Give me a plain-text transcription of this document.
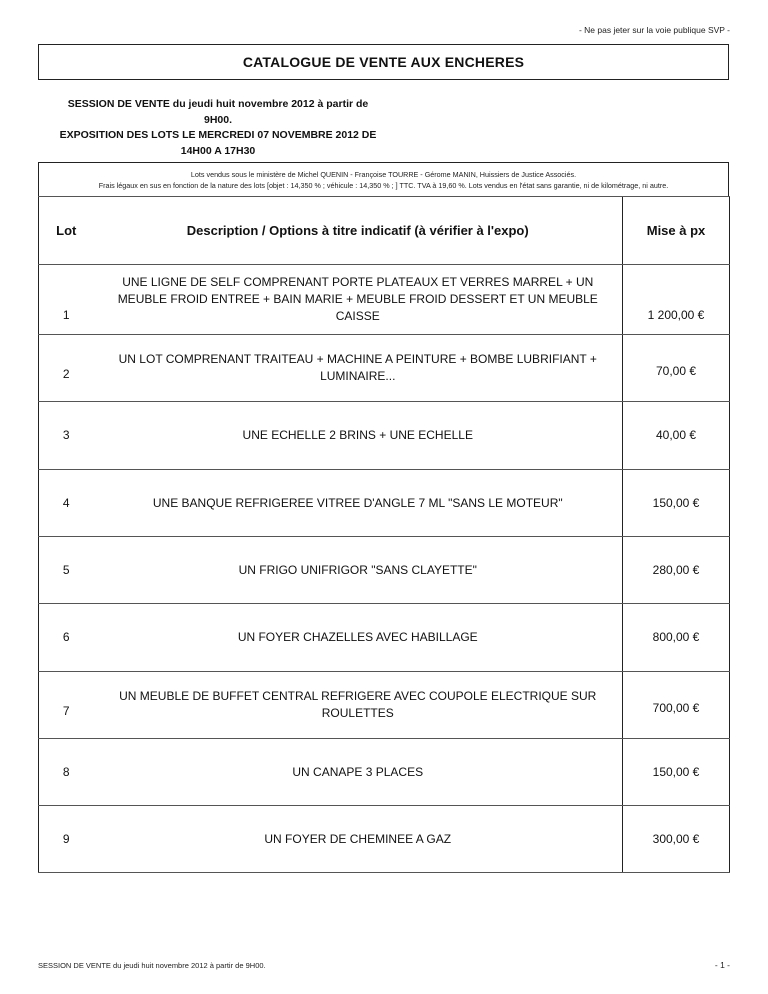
- Ne pas jeter sur la voie publique SVP -
CATALOGUE DE VENTE AUX ENCHERES
SESSION DE VENTE du jeudi huit novembre 2012 à partir de
9H00.
EXPOSITION DES LOTS LE MERCREDI 07 NOVEMBRE 2012 DE
14H00 A 17H30
Lots vendus sous le ministère de Michel QUENIN - Françoise TOURRE - Gérome MANIN, Huissiers de Justice Associés.
Frais légaux en sus en fonction de la nature des lots [objet : 14,350 % ; véhicule : 14,350 % ; ] TTC. TVA à 19,60 %. Lots vendus en l'état sans garantie, ni de kilométrage, ni autre.
Lot	Description / Options à titre indicatif (à vérifier à l'expo)	Mise à px
1	UNE LIGNE DE SELF COMPRENANT PORTE PLATEAUX ET VERRES MARREL + UN MEUBLE FROID ENTREE + BAIN MARIE + MEUBLE FROID DESSERT ET UN MEUBLE CAISSE	1 200,00 €
2	UN LOT COMPRENANT TRAITEAU + MACHINE A PEINTURE + BOMBE LUBRIFIANT + LUMINAIRE...	70,00 €
3	UNE ECHELLE 2 BRINS + UNE ECHELLE	40,00 €
4	UNE BANQUE REFRIGEREE VITREE D'ANGLE 7 ML "SANS LE MOTEUR"	150,00 €
5	UN FRIGO UNIFRIGOR "SANS CLAYETTE"	280,00 €
6	UN FOYER CHAZELLES AVEC HABILLAGE	800,00 €
7	UN MEUBLE DE BUFFET CENTRAL REFRIGERE AVEC COUPOLE ELECTRIQUE SUR ROULETTES	700,00 €
8	UN CANAPE 3 PLACES	150,00 €
9	UN FOYER DE CHEMINEE A GAZ	300,00 €
SESSION DE VENTE du jeudi huit novembre 2012 à partir de 9H00.	- 1 -
